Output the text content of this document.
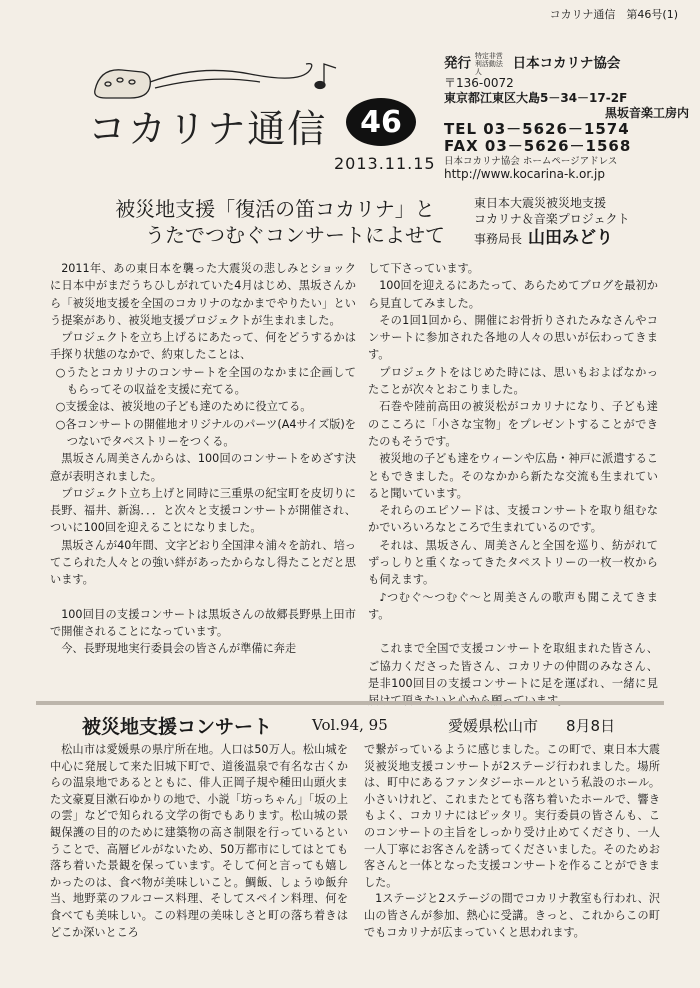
コカリナ通信　第46号(1)
コカリナ通信	46
2013.11.15
発行 特定非営利活動法人 日本コカリナ協会
〒136-0072
東京都江東区大島5－34－17-2F
黒坂音楽工房内
TEL 03－5626－1574
FAX 03－5626－1568
日本コカリナ協会 ホームページアドレス
http://www.kocarina-k.or.jp
被災地支援「復活の笛コカリナ」と
うたでつむぐコンサートによせて
東日本大震災被災地支援
コカリナ＆音楽プロジェクト
事務局長 山田みどり

2011年、あの東日本を襲った大震災の悲しみとショックに日本中がまだうちひしがれていた4月はじめ、黒坂さんから「被災地支援を全国のコカリナのなかまでやりたい」という提案があり、被災地支援プロジェクトが生まれました。

プロジェクトを立ち上げるにあたって、何をどうするかは手探り状態のなかで、約束したことは、

○うたとコカリナのコンサートを全国のなかまに企画してもらってその収益を支援に充てる。

○支援金は、被災地の子ども達のために役立てる。

○各コンサートの開催地オリジナルのパーツ(A4サイズ版)をつないでタペストリーをつくる。

黒坂さん周美さんからは、100回のコンサートをめざす決意が表明されました。

プロジェクト立ち上げと同時に三重県の紀宝町を皮切りに長野、福井、新潟．．．と次々と支援コンサートが開催され、ついに100回を迎えることになりました。

黒坂さんが40年間、文字どおり全国津々浦々を訪れ、培ってこられた人々との強い絆があったからなし得たことだと思います。

100回目の支援コンサートは黒坂さんの故郷長野県上田市で開催されることになっています。

今、長野現地実行委員会の皆さんが準備に奔走

して下さっています。

100回を迎えるにあたって、あらためてブログを最初から見直してみました。

その1回1回から、開催にお骨折りされたみなさんやコンサートに参加された各地の人々の思いが伝わってきます。

プロジェクトをはじめた時には、思いもおよばなかったことが次々とおこりました。

石巻や陸前高田の被災松がコカリナになり、子ども達のこころに「小さな宝物」をプレゼントすることができたのもそうです。

被災地の子ども達をウィーンや広島・神戸に派遣することもできました。そのなかから新たな交流も生まれていると聞いています。

それらのエピソードは、支援コンサートを取り組むなかでいろいろなところで生まれているのです。

それは、黒坂さん、周美さんと全国を巡り、紡がれてずっしりと重くなってきたタペストリーの一枚一枚からも伺えます。

♪つむぐ～つむぐ～と周美さんの歌声も聞こえてきます。

これまで全国で支援コンサートを取組まれた皆さん、ご協力くださった皆さん、コカリナの仲間のみなさん、是非100回目の支援コンサートに足を運ばれ、一緒に見

被災地支援コンサート	Vol.94, 95	愛媛県松山市 8月8日

松山市は愛媛県の県庁所在地。人口は50万人。松山城を中心に発展して来た旧城下町で、道後温泉で有名な古くからの温泉地であるとともに、俳人正岡子規や種田山頭火また文豪夏目漱石ゆかりの地で、小説「坊っちゃん」「坂の上の雲」などで知られる文学の街でもあります。松山城の景観保護の目的のために建築物の高さ制限を行っているということで、高層ビルがないため、50万都市にしてはとても落ち着いた景観を保っています。そして何と言っても嬉しかったのは、食べ物が美味しいこと。鯛飯、しょうゆ飯弁当、地野菜のフルコース料理、そしてスペイン料理、何を食べても美味しい。この料理の美味しさと町の落ち着きはどこか深いところ

で繋がっているように感じました。この町で、東日本大震災被災地支援コンサートが2ステージ行われました。場所は、町中にあるファンタジーホールという私設のホール。小さいけれど、これまたとても落ち着いたホールで、響きもよく、コカリナにはピッタリ。実行委員の皆さんも、このコンサートの主旨をしっかり受け止めてくださり、一人一人丁寧にお客さんを誘ってくださいました。そのためお客さんと一体となった支援コンサートを作ることができました。

1ステージと2ステージの間でコカリナ教室も行われ、沢山の皆さんが参加、熱心に受講。きっと、これからこの町でもコカリナが広まっていくと思われます。
